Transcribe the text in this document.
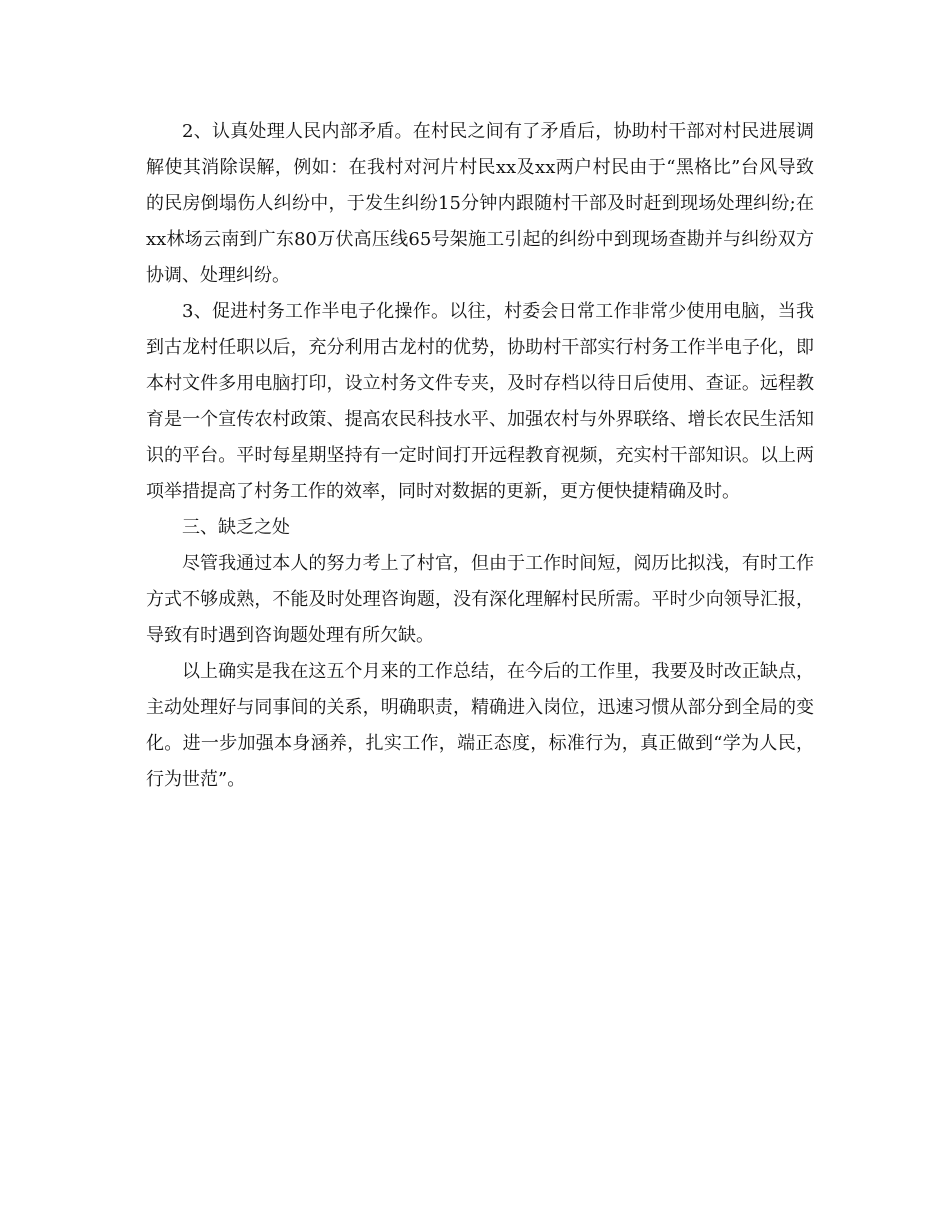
2、认真处理人民内部矛盾。在村民之间有了矛盾后，协助村干部对村民进展调解使其消除误解，例如：在我村对河片村民xx及xx两户村民由于“黑格比”台风导致的民房倒塌伤人纠纷中，于发生纠纷15分钟内跟随村干部及时赶到现场处理纠纷;在xx林场云南到广东80万伏高压线65号架施工引起的纠纷中到现场查勘并与纠纷双方协调、处理纠纷。

3、促进村务工作半电子化操作。以往，村委会日常工作非常少使用电脑，当我到古龙村任职以后，充分利用古龙村的优势，协助村干部实行村务工作半电子化，即本村文件多用电脑打印，设立村务文件专夹，及时存档以待日后使用、查证。远程教育是一个宣传农村政策、提高农民科技水平、加强农村与外界联络、增长农民生活知识的平台。平时每星期坚持有一定时间打开远程教育视频，充实村干部知识。以上两项举措提高了村务工作的效率，同时对数据的更新，更方便快捷精确及时。

三、缺乏之处

尽管我通过本人的努力考上了村官，但由于工作时间短，阅历比拟浅，有时工作方式不够成熟，不能及时处理咨询题，没有深化理解村民所需。平时少向领导汇报，导致有时遇到咨询题处理有所欠缺。

以上确实是我在这五个月来的工作总结，在今后的工作里，我要及时改正缺点，主动处理好与同事间的关系，明确职责，精确进入岗位，迅速习惯从部分到全局的变化。进一步加强本身涵养，扎实工作，端正态度，标准行为，真正做到“学为人民，行为世范”。
